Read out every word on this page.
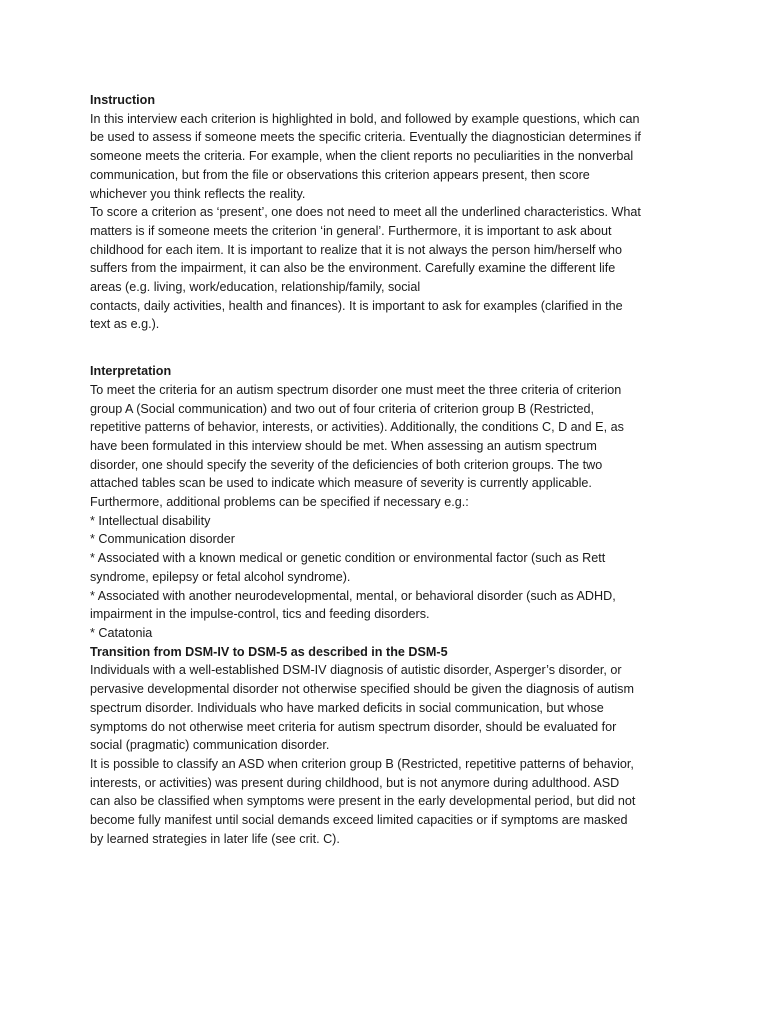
Instruction

In this interview each criterion is highlighted in bold, and followed by example questions, which can
be used to assess if someone meets the specific criteria. Eventually the diagnostician determines if
someone meets the criteria. For example, when the client reports no peculiarities in the nonverbal
communication, but from the file or observations this criterion appears present, then score
whichever you think reflects the reality.

To score a criterion as ‘present’, one does not need to meet all the underlined characteristics. What
matters is if someone meets the criterion ‘in general’. Furthermore, it is important to ask about
childhood for each item. It is important to realize that it is not always the person him/herself who
suffers from the impairment, it can also be the environment. Carefully examine the different life
areas (e.g. living, work/education, relationship/family, social
contacts, daily activities, health and finances). It is important to ask for examples (clarified in the
text as e.g.).

Interpretation

To meet the criteria for an autism spectrum disorder one must meet the three criteria of criterion
group A (Social communication) and two out of four criteria of criterion group B (Restricted,
repetitive patterns of behavior, interests, or activities). Additionally, the conditions C, D and E, as
have been formulated in this interview should be met. When assessing an autism spectrum
disorder, one should specify the severity of the deficiencies of both criterion groups. The two
attached tables scan be used to indicate which measure of severity is currently applicable.
Furthermore, additional problems can be specified if necessary e.g.:

* Intellectual disability
* Communication disorder
* Associated with a known medical or genetic condition or environmental factor (such as Rett
syndrome, epilepsy or fetal alcohol syndrome).
* Associated with another neurodevelopmental, mental, or behavioral disorder (such as ADHD,
impairment in the impulse-control, tics and feeding disorders.
* Catatonia

Transition from DSM-IV to DSM-5 as described in the DSM-5

Individuals with a well-established DSM-IV diagnosis of autistic disorder, Asperger’s disorder, or
pervasive developmental disorder not otherwise specified should be given the diagnosis of autism
spectrum disorder. Individuals who have marked deficits in social communication, but whose
symptoms do not otherwise meet criteria for autism spectrum disorder, should be evaluated for
social (pragmatic) communication disorder.

It is possible to classify an ASD when criterion group B (Restricted, repetitive patterns of behavior,
interests, or activities) was present during childhood, but is not anymore during adulthood. ASD
can also be classified when symptoms were present in the early developmental period, but did not
become fully manifest until social demands exceed limited capacities or if symptoms are masked
by learned strategies in later life (see crit. C).
